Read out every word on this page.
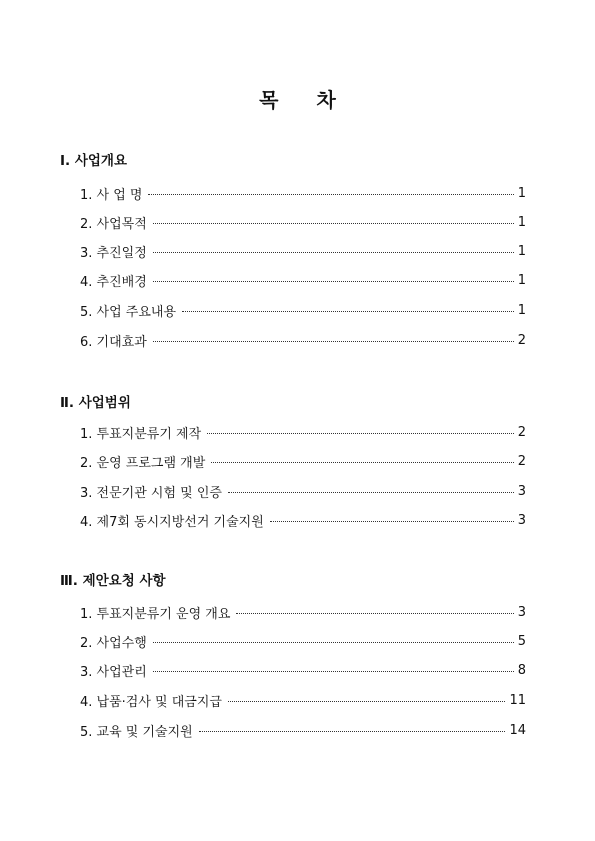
목 차
Ⅰ. 사업개요
1. 사 업 명	1
2. 사업목적	1
3. 추진일정	1
4. 추진배경	1
5. 사업 주요내용	1
6. 기대효과	2
Ⅱ. 사업범위
1. 투표지분류기 제작	2
2. 운영 프로그램 개발	2
3. 전문기관 시험 및 인증	3
4. 제7회 동시지방선거 기술지원	3
Ⅲ. 제안요청 사항
1. 투표지분류기 운영 개요	3
2. 사업수행	5
3. 사업관리	8
4. 납품·검사 및 대금지급	11
5. 교육 및 기술지원	14
